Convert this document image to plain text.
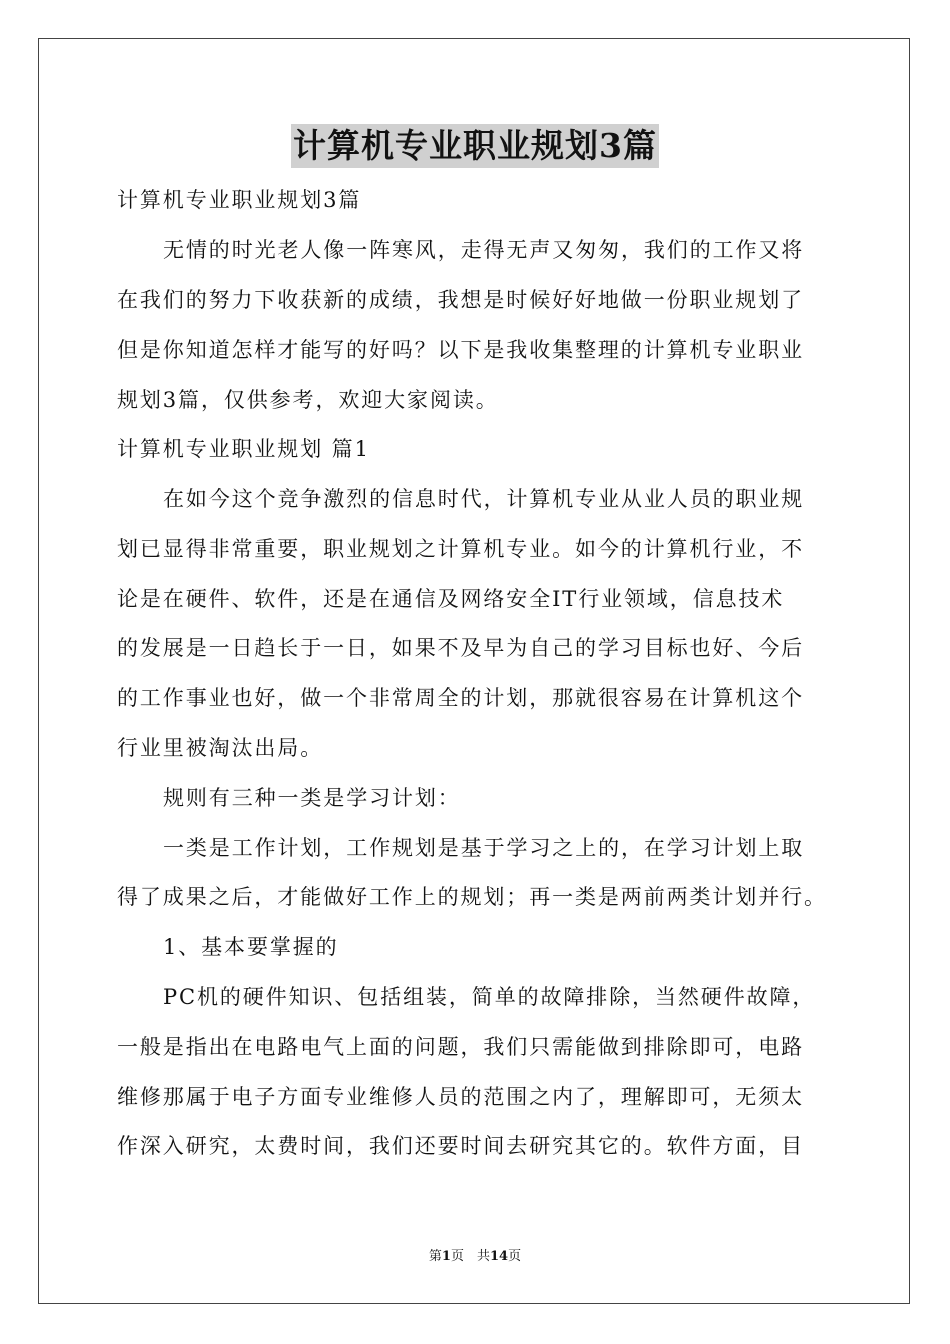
计算机专业职业规划3篇
计算机专业职业规划3篇
无情的时光老人像一阵寒风，走得无声又匆匆，我们的工作又将
在我们的努力下收获新的成绩，我想是时候好好地做一份职业规划了
但是你知道怎样才能写的好吗？以下是我收集整理的计算机专业职业
规划3篇，仅供参考，欢迎大家阅读。
计算机专业职业规划 篇1
在如今这个竞争激烈的信息时代，计算机专业从业人员的职业规
划已显得非常重要，职业规划之计算机专业。如今的计算机行业，不
论是在硬件、软件，还是在通信及网络安全IT行业领域，信息技术
的发展是一日趋长于一日，如果不及早为自己的学习目标也好、今后
的工作事业也好，做一个非常周全的计划，那就很容易在计算机这个
行业里被淘汰出局。
规则有三种一类是学习计划：
一类是工作计划，工作规划是基于学习之上的，在学习计划上取
得了成果之后，才能做好工作上的规划；再一类是两前两类计划并行。
1、基本要掌握的
PC机的硬件知识、包括组装，简单的故障排除，当然硬件故障，
一般是指出在电路电气上面的问题，我们只需能做到排除即可，电路
维修那属于电子方面专业维修人员的范围之内了，理解即可，无须太
作深入研究，太费时间，我们还要时间去研究其它的。软件方面，目
第1页　共14页
